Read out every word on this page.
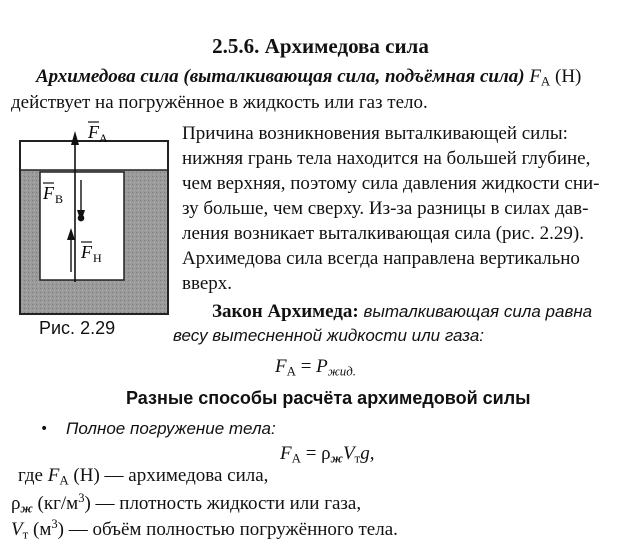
2.5.6. Архимедова сила
Архимедова сила (выталкивающая сила, подъёмная сила) $F_A$ (Н)
действует на погружённое в жидкость или газ тело.
F A
F В
F Н
Рис. 2.29
Причина возникновения выталкивающей силы:
нижняя грань тела находится на большей глубине,
чем верхняя, поэтому сила давления жидкости сни-
зу больше, чем сверху. Из-за разницы в силах дав-
ления возникает выталкивающая сила (рис. 2.29).
Архимедова сила всегда направлена вертикально
вверх.
Закон Архимеда: выталкивающая сила равна
весу вытесненной жидкости или газа:
$F_A = P_{жид.}$
Разные способы расчёта архимедовой силы
• Полное погружение тела:
$F_A = \rho_жV_тg$,
где $F_A$ (Н) — архимедова сила,
$\rho_ж$ $(кг/м^3)$ — плотность жидкости или газа,
$V_т$ $(м^3)$ — объём полностью погружённого тела.
